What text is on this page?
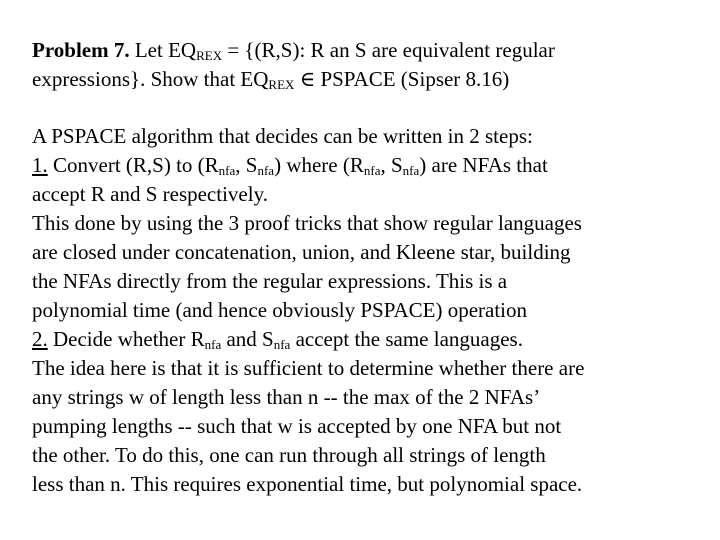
Problem 7. Let $EQ_{REX} = \{(R,S)$: R an S are equivalent regular
expressions}. Show that $EQ_{REX}$ ∈ PSPACE (Sipser 8.16)
A PSPACE algorithm that decides can be written in 2 steps:
1. Convert (R,S) to ($R_{nfa}$, $S_{nfa}$) where ($R_{nfa}$, $S_{nfa}$) are NFAs that
accept R and S respectively.
This done by using the 3 proof tricks that show regular languages
are closed under concatenation, union, and Kleene star, building
the NFAs directly from the regular expressions. This is a
polynomial time (and hence obviously PSPACE) operation
2. Decide whether $R_{nfa}$ and $S_{nfa}$ accept the same languages.
The idea here is that it is sufficient to determine whether there are
any strings w of length less than n -- the max of the 2 NFAs’
pumping lengths -- such that w is accepted by one NFA but not
the other. To do this, one can run through all strings of length
less than n. This requires exponential time, but polynomial space.
